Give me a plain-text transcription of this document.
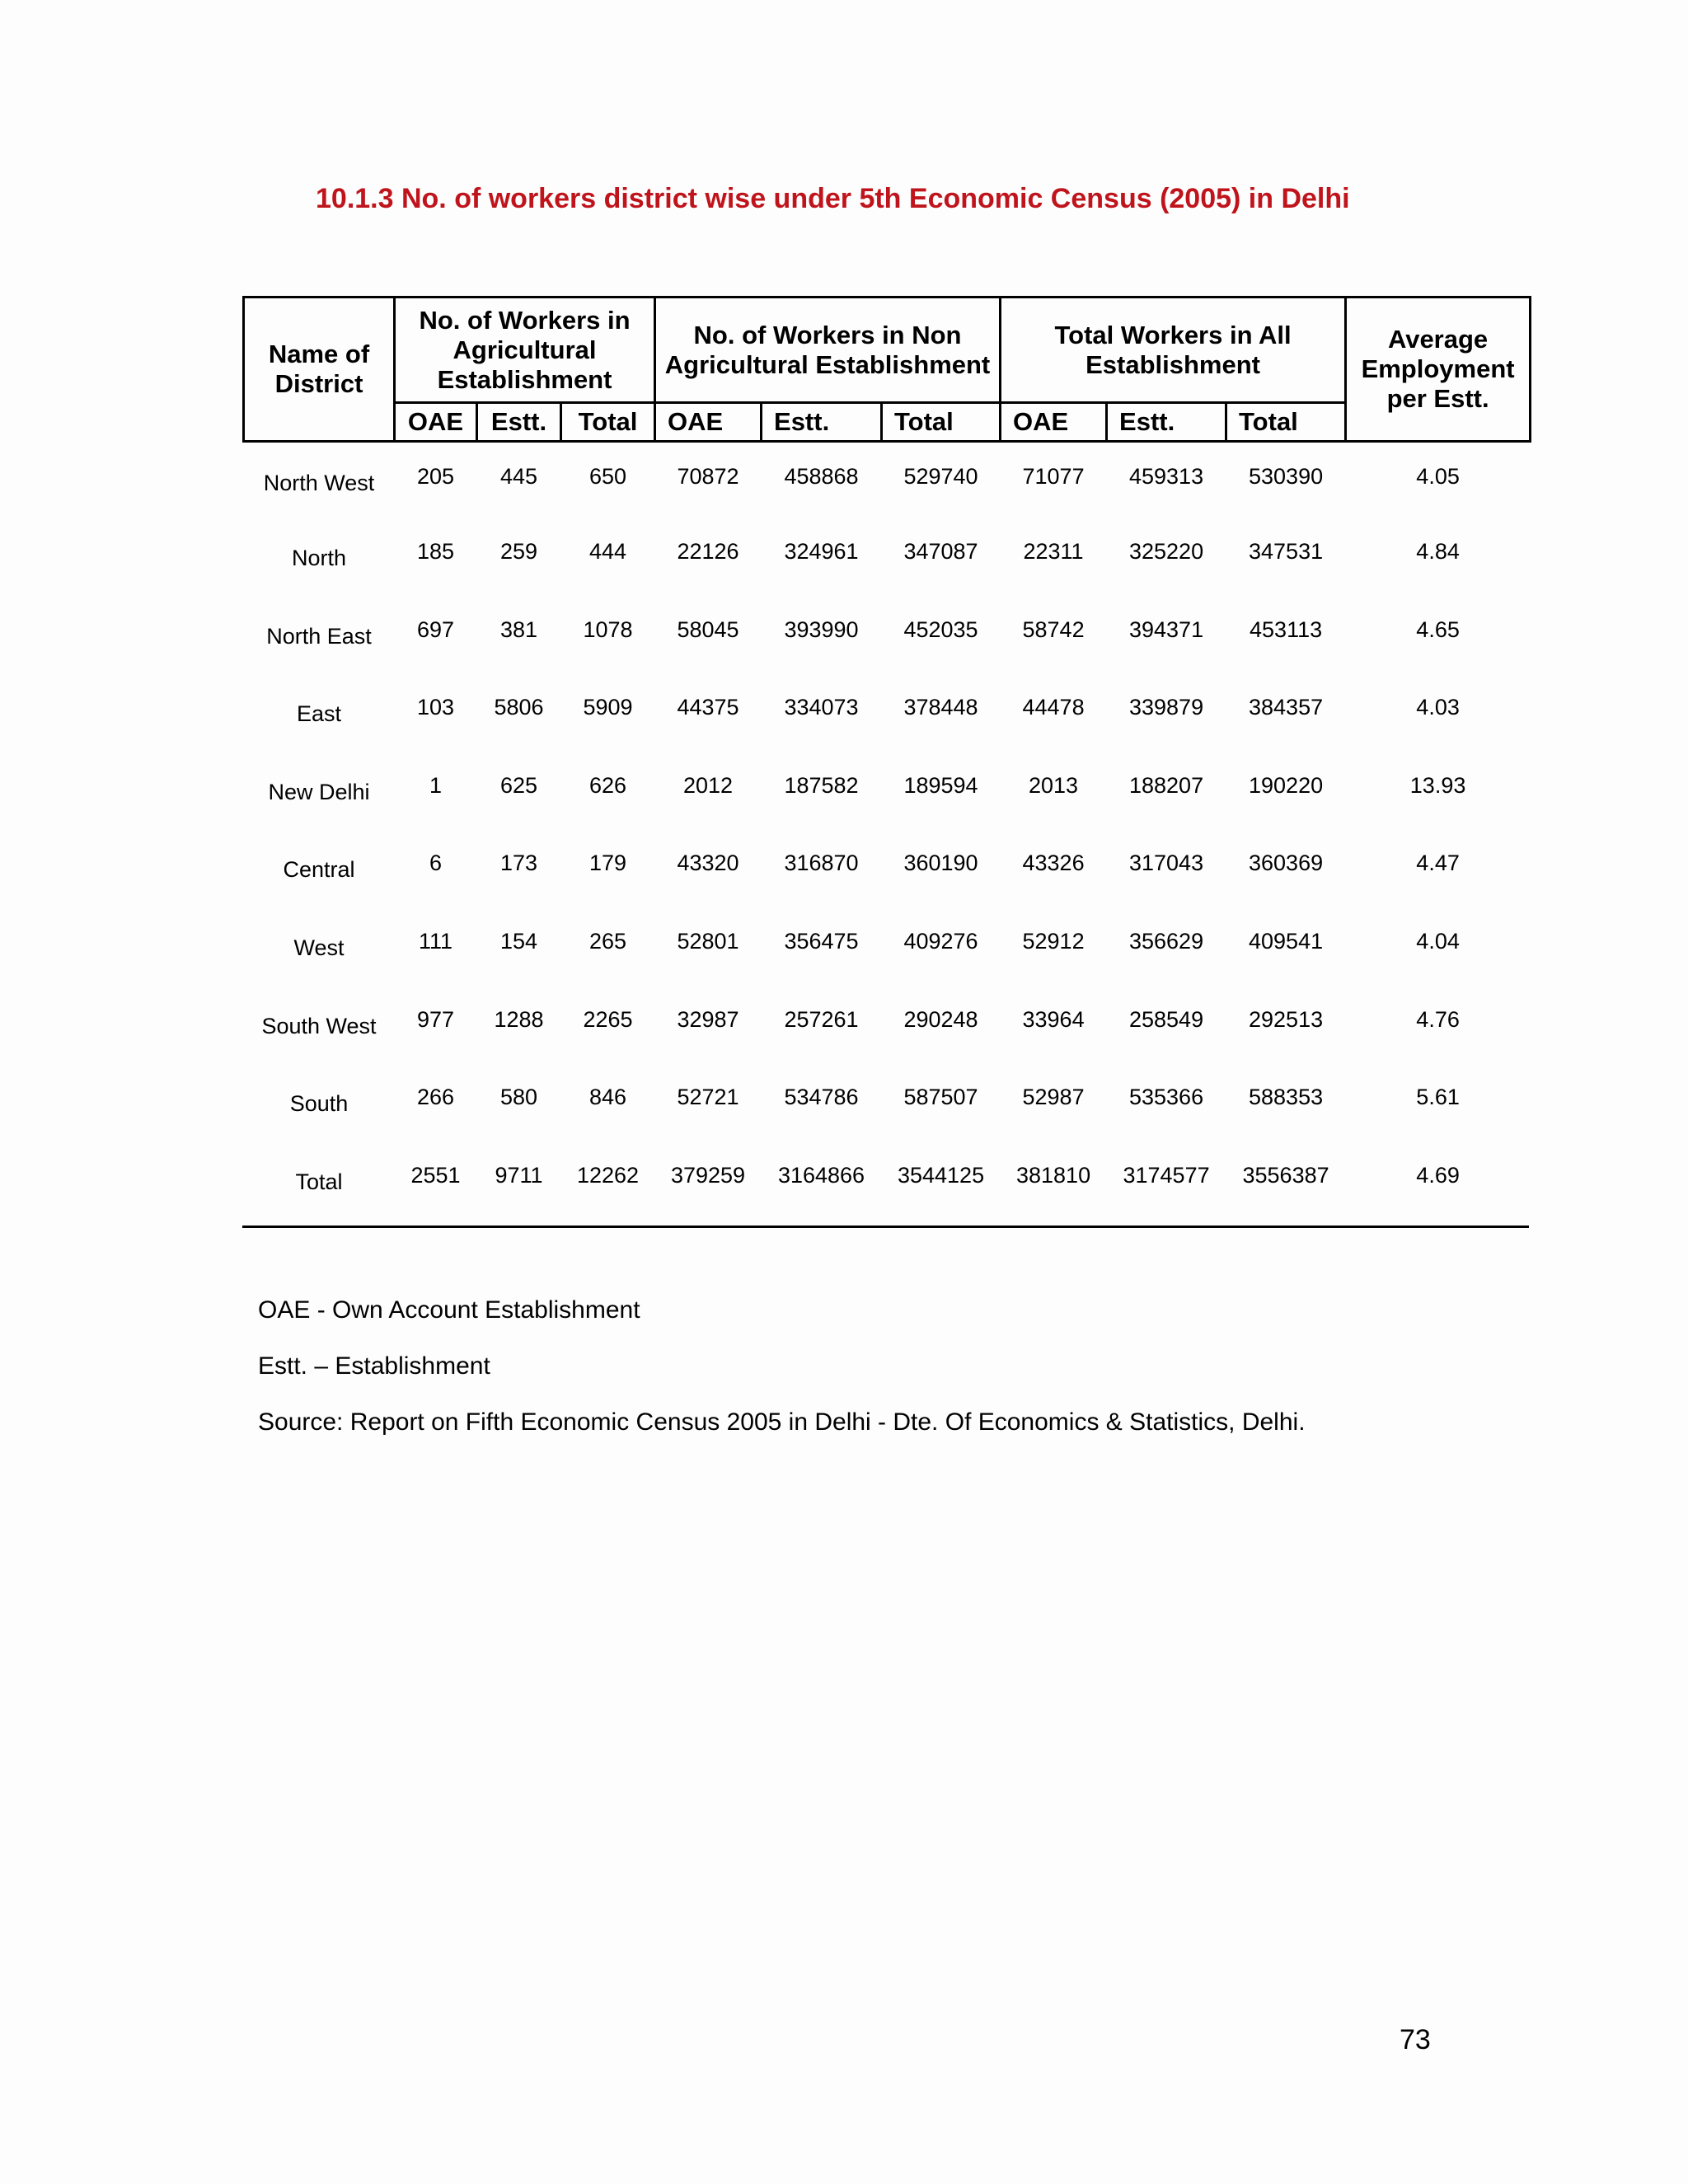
10.1.3 No. of workers district wise under 5th Economic Census (2005) in Delhi
Name of District	No. of Workers in Agricultural Establishment			No. of Workers in Non Agricultural Establishment			Total Workers in All Establishment			Average Employment per Estt.
	OAE	Estt.	Total	OAE	Estt.	Total	OAE	Estt.	Total	
North West	205	445	650	70872	458868	529740	71077	459313	530390	4.05
North	185	259	444	22126	324961	347087	22311	325220	347531	4.84
North East	697	381	1078	58045	393990	452035	58742	394371	453113	4.65
East	103	5806	5909	44375	334073	378448	44478	339879	384357	4.03
New Delhi	1	625	626	2012	187582	189594	2013	188207	190220	13.93
Central	6	173	179	43320	316870	360190	43326	317043	360369	4.47
West	111	154	265	52801	356475	409276	52912	356629	409541	4.04
South West	977	1288	2265	32987	257261	290248	33964	258549	292513	4.76
South	266	580	846	52721	534786	587507	52987	535366	588353	5.61
Total	2551	9711	12262	379259	3164866	3544125	381810	3174577	3556387	4.69
OAE - Own Account Establishment
Estt. – Establishment
Source: Report on Fifth Economic Census 2005 in Delhi - Dte. Of Economics & Statistics, Delhi.
73
